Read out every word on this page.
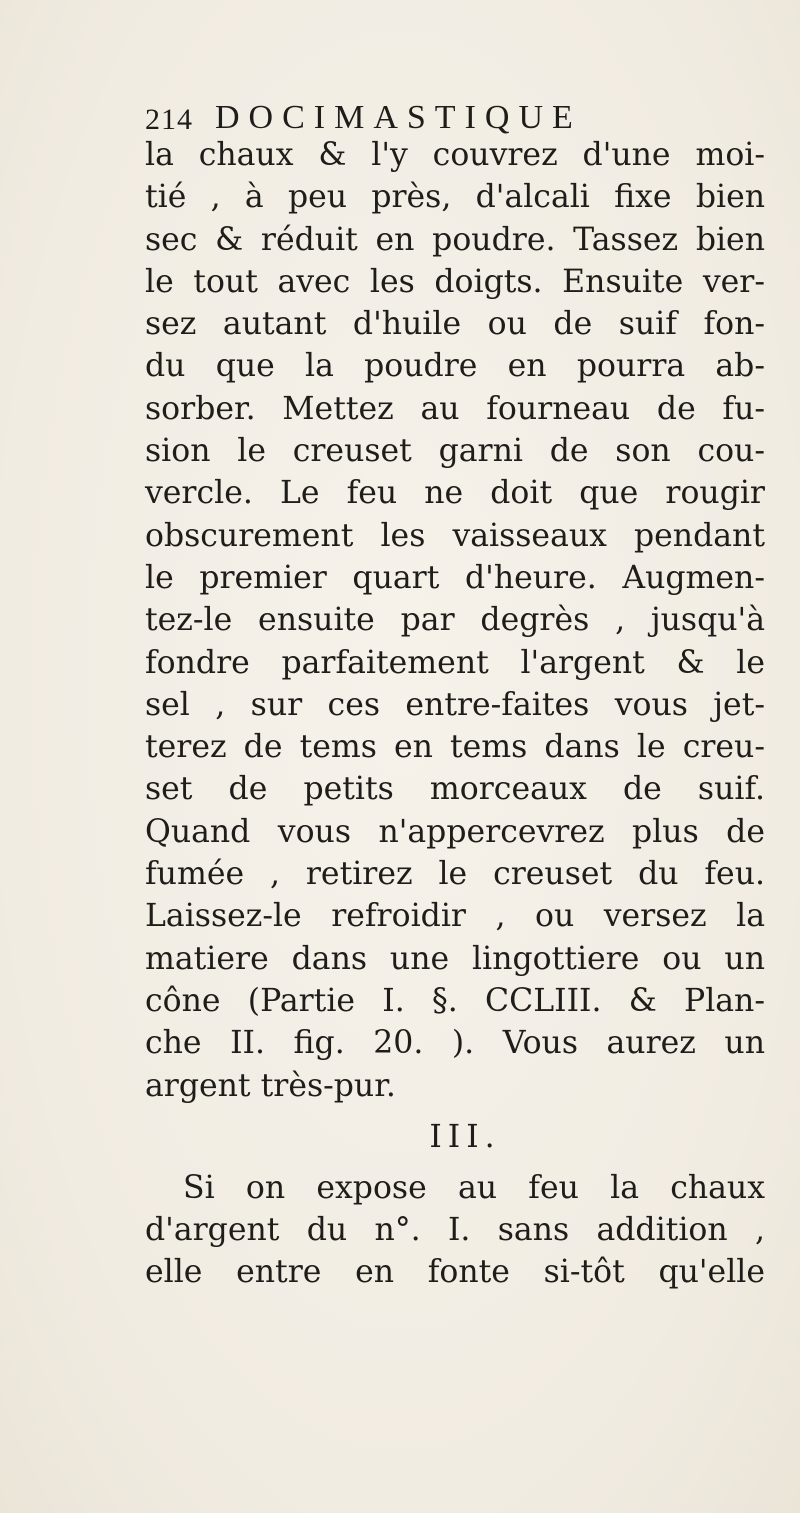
214 DOCIMASTIQUE
la chaux & l'y couvrez d'une moi-
tié , à peu près, d'alcali fixe bien
sec & réduit en poudre. Tassez bien
le tout avec les doigts. Ensuite ver-
sez autant d'huile ou de suif fon-
du que la poudre en pourra ab-
sorber. Mettez au fourneau de fu-
sion le creuset garni de son cou-
vercle. Le feu ne doit que rougir
obscurement les vaisseaux pendant
le premier quart d'heure. Augmen-
tez-le ensuite par degrès , jusqu'à
fondre parfaitement l'argent & le
sel , sur ces entre-faites vous jet-
terez de tems en tems dans le creu-
set de petits morceaux de suif.
Quand vous n'appercevrez plus de
fumée , retirez le creuset du feu.
Laissez-le refroidir , ou versez la
matiere dans une lingottiere ou un
cône (Partie I. §. CCLIII. & Plan-
che II. fig. 20. ). Vous aurez un
argent très-pur.
III.
Si on expose au feu la chaux
d'argent du n°. I. sans addition ,
elle entre en fonte si-tôt qu'elle
